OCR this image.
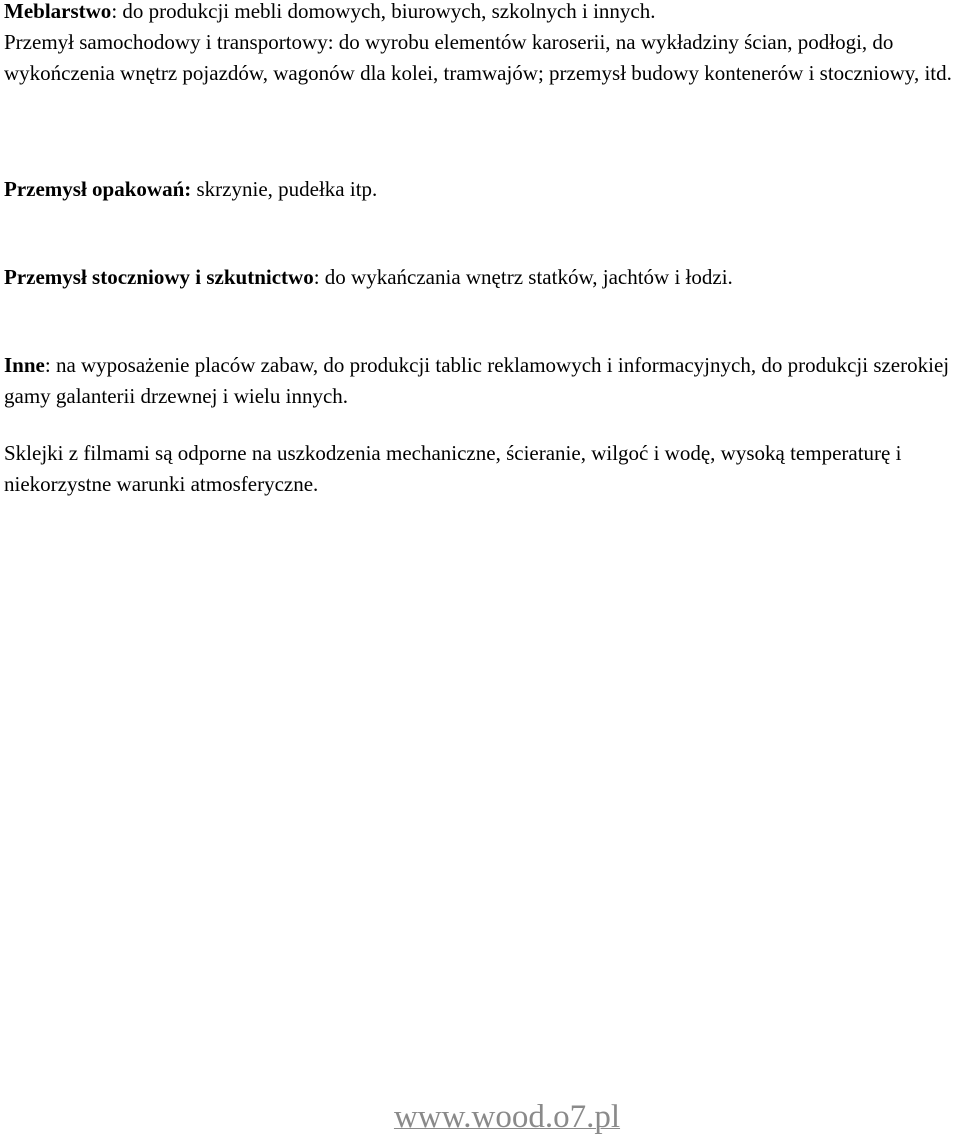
Meblarstwo: do produkcji mebli domowych, biurowych, szkolnych i innych.

Przemył samochodowy i transportowy: do wyrobu elementów karoserii, na wykładziny ścian, podłogi, do wykończenia wnętrz pojazdów, wagonów dla kolei, tramwajów; przemysł budowy kontenerów i stoczniowy, itd.

Przemysł opakowań: skrzynie, pudełka itp.

Przemysł stoczniowy i szkutnictwo: do wykańczania wnętrz statków, jachtów i łodzi.

Inne: na wyposażenie placów zabaw, do produkcji tablic reklamowych i informacyjnych, do produkcji szerokiej gamy galanterii drzewnej i wielu innych.

Sklejki z filmami są odporne na uszkodzenia mechaniczne, ścieranie, wilgoć i wodę, wysoką temperaturę i niekorzystne warunki atmosferyczne.

www.wood.o7.pl
